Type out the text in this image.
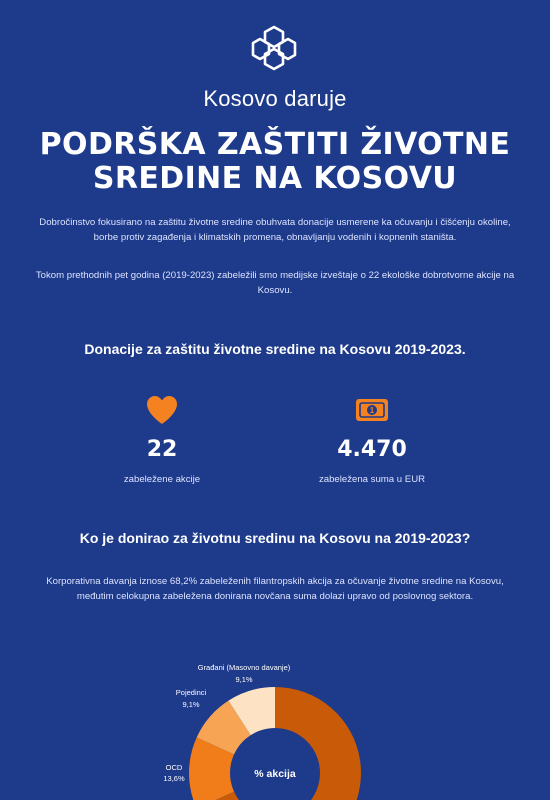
Kosovo daruje
PODRŠKA ZAŠTITI ŽIVOTNE
SREDINE NA KOSOVU
Dobročinstvo fokusirano na zaštitu životne sredine obuhvata donacije usmerene ka očuvanju i čišćenju okoline, borbe protiv zagađenja i klimatskih promena, obnavljanju vodenih i kopnenih staništa.
Tokom prethodnih pet godina (2019-2023) zabeležili smo medijske izveštaje o 22 ekološke dobrotvorne akcije na Kosovu.
Donacije za zaštitu životne sredine na Kosovu 2019-2023.
22
zabeležene akcije
1
4.470
zabeležena suma u EUR
Ko je donirao za životnu sredinu na Kosovu na 2019-2023?
Korporativna davanja iznose 68,2% zabeleženih filantropskih akcija za očuvanje životne sredine na Kosovu, međutim celokupna zabeležena donirana novčana suma dolazi upravo od poslovnog sektora.
% akcija
Građani (Masovno davanje)
9,1%
Pojedinci
9,1%
OCD
13,6%
